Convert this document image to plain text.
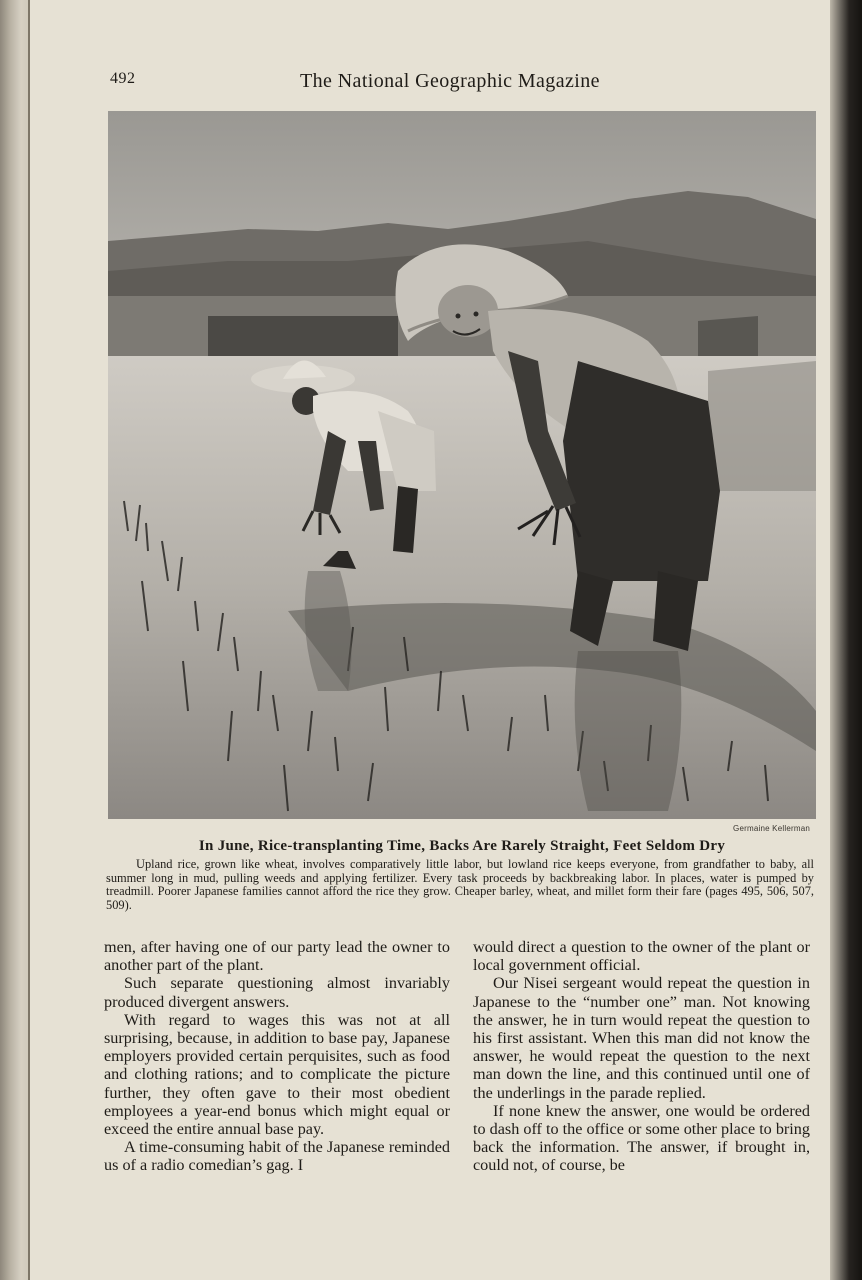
492	The National Geographic Magazine
Germaine Kellerman
In June, Rice-transplanting Time, Backs Are Rarely Straight, Feet Seldom Dry

Upland rice, grown like wheat, involves comparatively little labor, but lowland rice keeps everyone, from grandfather to baby, all summer long in mud, pulling weeds and applying fertilizer. Every task proceeds by backbreaking labor. In places, water is pumped by treadmill. Poorer Japanese families cannot afford the rice they grow. Cheaper barley, wheat, and millet form their fare (pages 495, 506, 507, 509).

men, after having one of our party lead the owner to another part of the plant.

Such separate questioning almost invariably produced divergent answers.

With regard to wages this was not at all surprising, because, in addition to base pay, Japanese employers provided certain perquisites, such as food and clothing rations; and to complicate the picture further, they often gave to their most obedient employees a year-end bonus which might equal or exceed the entire annual base pay.

A time-consuming habit of the Japanese reminded us of a radio comedian’s gag. I

would direct a question to the owner of the plant or local government official.

Our Nisei sergeant would repeat the question in Japanese to the “number one” man. Not knowing the answer, he in turn would repeat the question to his first assistant. When this man did not know the answer, he would repeat the question to the next man down the line, and this continued until one of the underlings in the parade replied.

If none knew the answer, one would be ordered to dash off to the office or some other place to bring back the information. The answer, if brought in, could not, of course, be
